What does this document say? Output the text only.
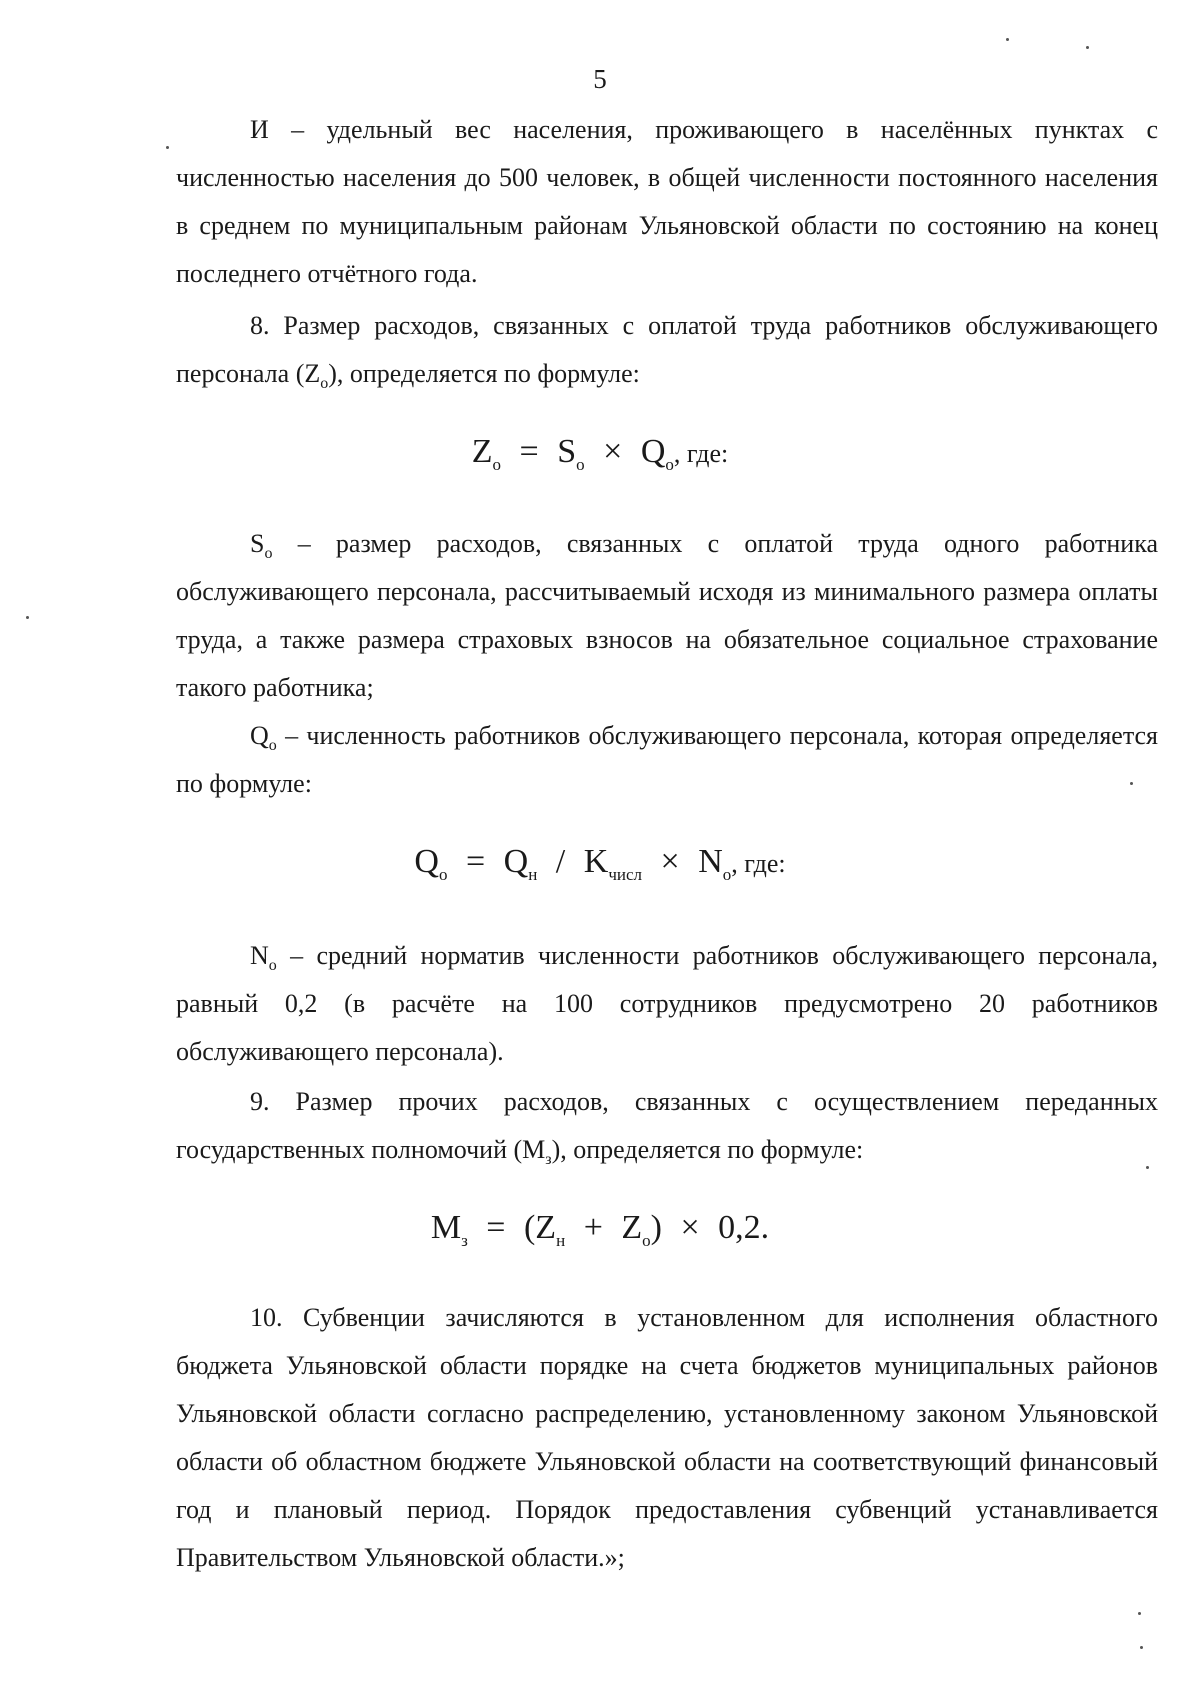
5
И – удельный вес населения, проживающего в населённых пунктах с численностью населения до 500 человек, в общей численности постоянного населения в среднем по муниципальным районам Ульяновской области по состоянию на конец последнего отчётного года.
8. Размер расходов, связанных с оплатой труда работников обслуживающего персонала $(Z_о)$, определяется по формуле:
$Z_о = S_о \times Q_о$, где:
$S_о$ – размер расходов, связанных с оплатой труда одного работника обслуживающего персонала, рассчитываемый исходя из минимального размера оплаты труда, а также размера страховых взносов на обязательное социальное страхование такого работника;
$Q_о$ – численность работников обслуживающего персонала, которая определяется по формуле:
$Q_о = Q_н / K_{числ} \times N_о$, где:
$N_о$ – средний норматив численности работников обслуживающего персонала, равный 0,2 (в расчёте на 100 сотрудников предусмотрено 20 работников обслуживающего персонала).
9. Размер прочих расходов, связанных с осуществлением переданных государственных полномочий $(М_з)$, определяется по формуле:
$M_з = (Z_н + Z_о) \times 0,2$.
10. Субвенции зачисляются в установленном для исполнения областного бюджета Ульяновской области порядке на счета бюджетов муниципальных районов Ульяновской области согласно распределению, установленному законом Ульяновской области об областном бюджете Ульяновской области на соответствующий финансовый год и плановый период. Порядок предоставления субвенций устанавливается Правительством Ульяновской области.»;
